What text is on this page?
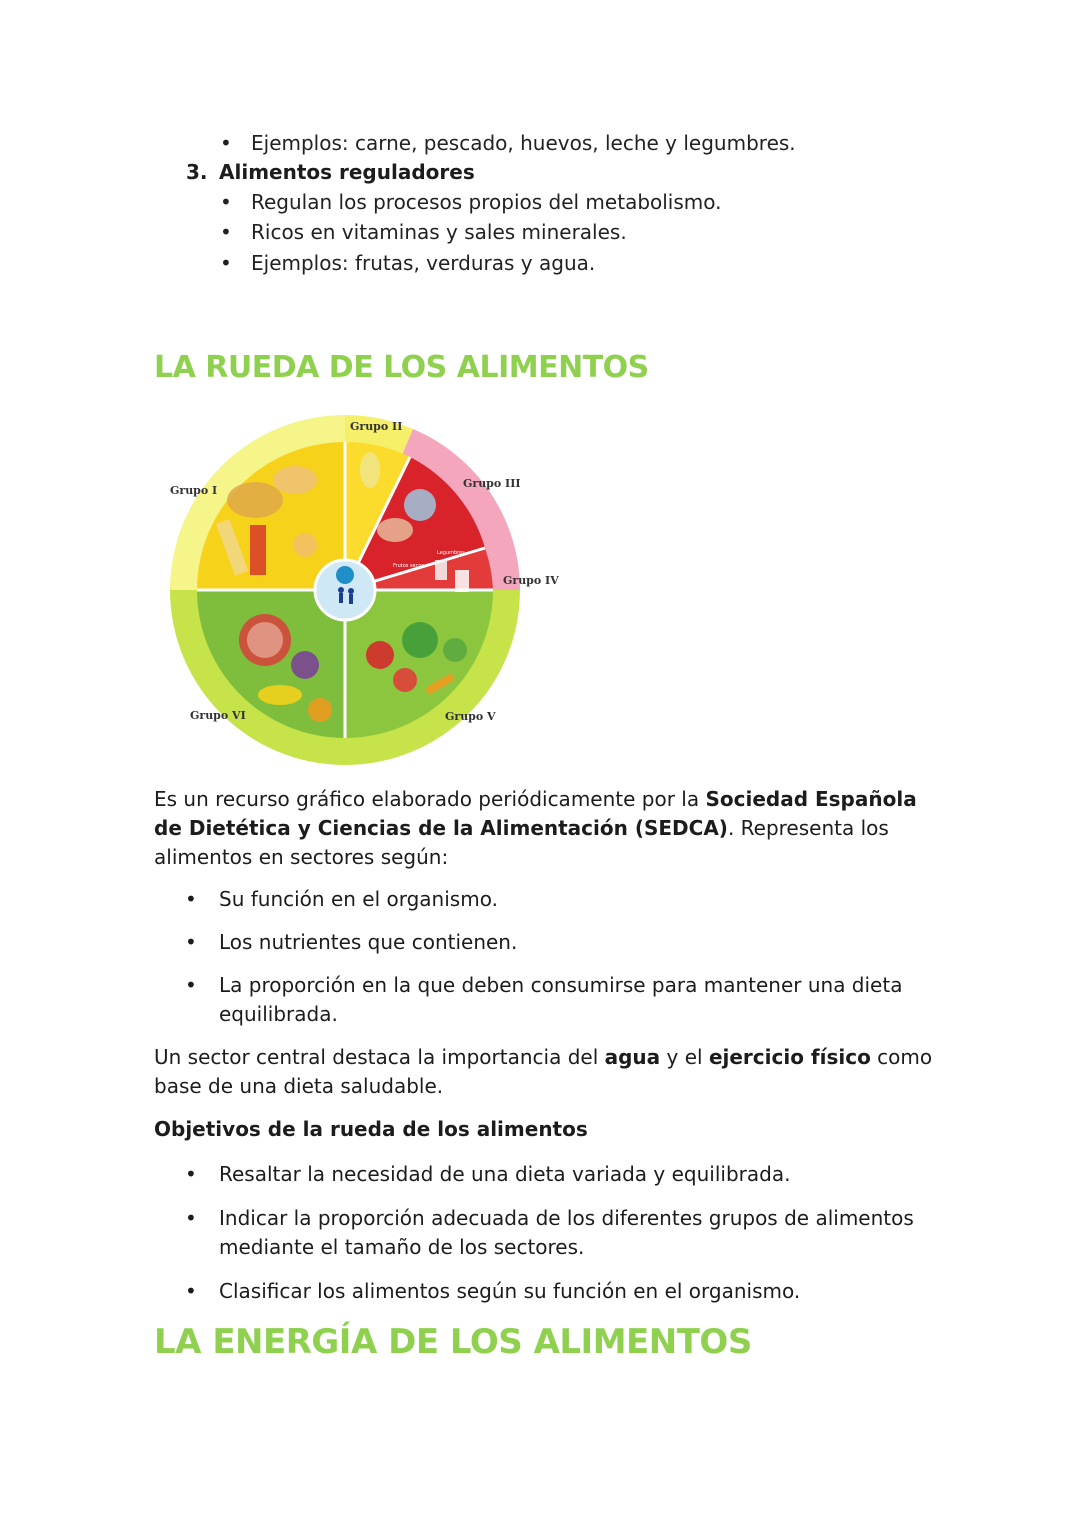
• Ejemplos: carne, pescado, huevos, leche y legumbres.
3. Alimentos reguladores
• Regulan los procesos propios del metabolismo.
• Ricos en vitaminas y sales minerales.
• Ejemplos: frutas, verduras y agua.
LA RUEDA DE LOS ALIMENTOS
Grupo I
Grupo II
Grupo III
Grupo IV
Grupo V
Grupo VI
Legumbres
Frutos secos

Es un recurso gráfico elaborado periódicamente por la Sociedad Española de Dietética y Ciencias de la Alimentación (SEDCA). Representa los alimentos en sectores según:

• Su función en el organismo.
• Los nutrientes que contienen.
• La proporción en la que deben consumirse para mantener una dieta equilibrada.

Un sector central destaca la importancia del agua y el ejercicio físico como base de una dieta saludable.

Objetivos de la rueda de los alimentos
• Resaltar la necesidad de una dieta variada y equilibrada.
• Indicar la proporción adecuada de los diferentes grupos de alimentos mediante el tamaño de los sectores.
• Clasificar los alimentos según su función en el organismo.
LA ENERGÍA DE LOS ALIMENTOS
